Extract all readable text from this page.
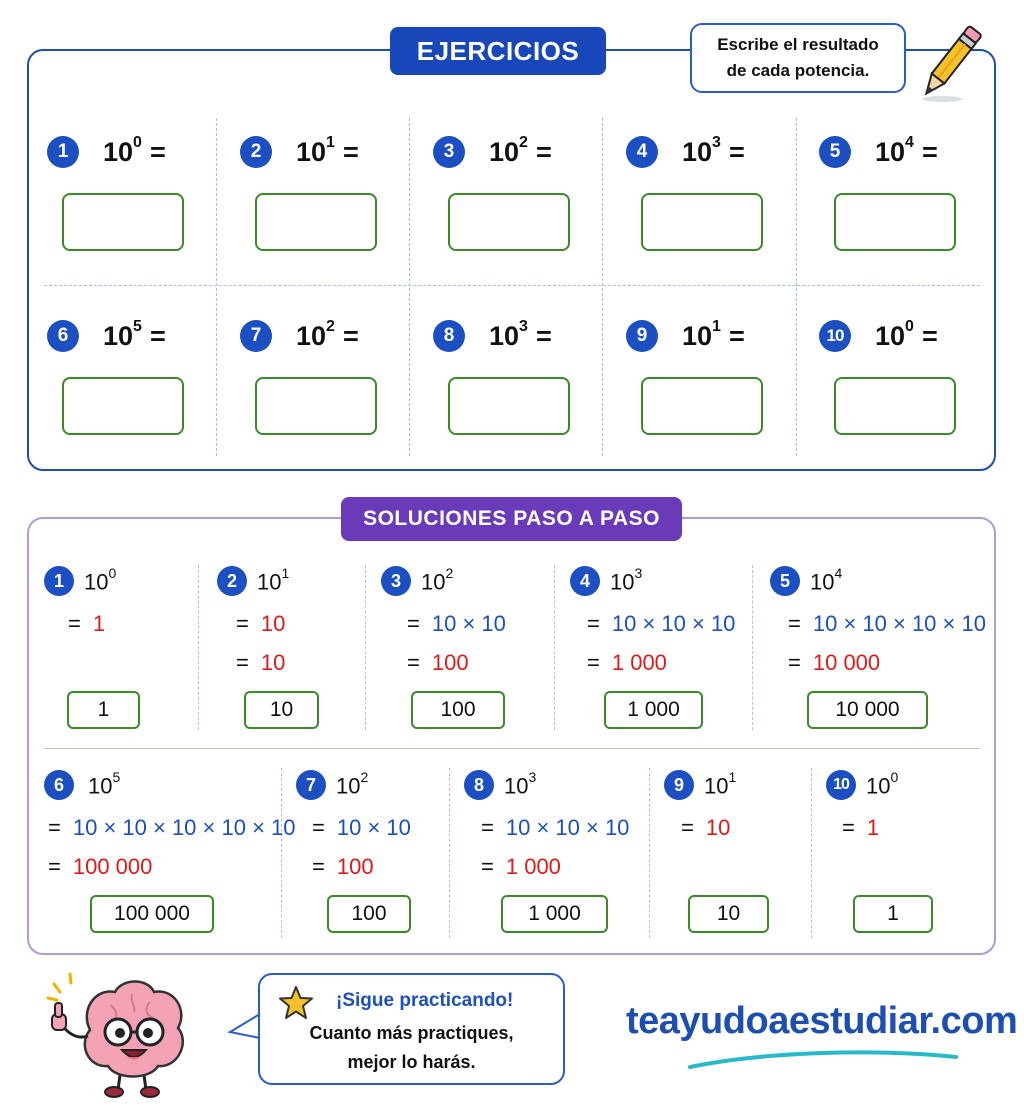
EJERCICIOS	Escribe el resultado
de cada potencia.
1	$10^0$ =	2	$10^1$ =	3	$10^2$ =	4	$10^3$ =	5	$10^4$ =
6	$10^5$ =	7	$10^2$ =	8	$10^3$ =	9	$10^1$ =	10 $10^0$ =
SOLUCIONES PASO A PASO
1 $10^0$
= 1
1
2 $10^1$
= 10
= 10
10
3 $10^2$
= 10 × 10
= 100
100
4 $10^3$
= 10 × 10 × 10
= 1 000
1 000
5 $10^4$
= 10 × 10 × 10 × 10
= 10 000
10 000
6	$10^5$
= 10 × 10 × 10 × 10 × 10
= 100 000
100 000
7 $10^2$
= 10 × 10
= 100
100
8 $10^3$
= 10 × 10 × 10
= 1 000
1 000
9 $10^1$
= 10
10
10 $10^0$
= 1
1
¡Sigue practicando!
Cuanto más practiques,
mejor lo harás.
teayudoaestudiar.com
